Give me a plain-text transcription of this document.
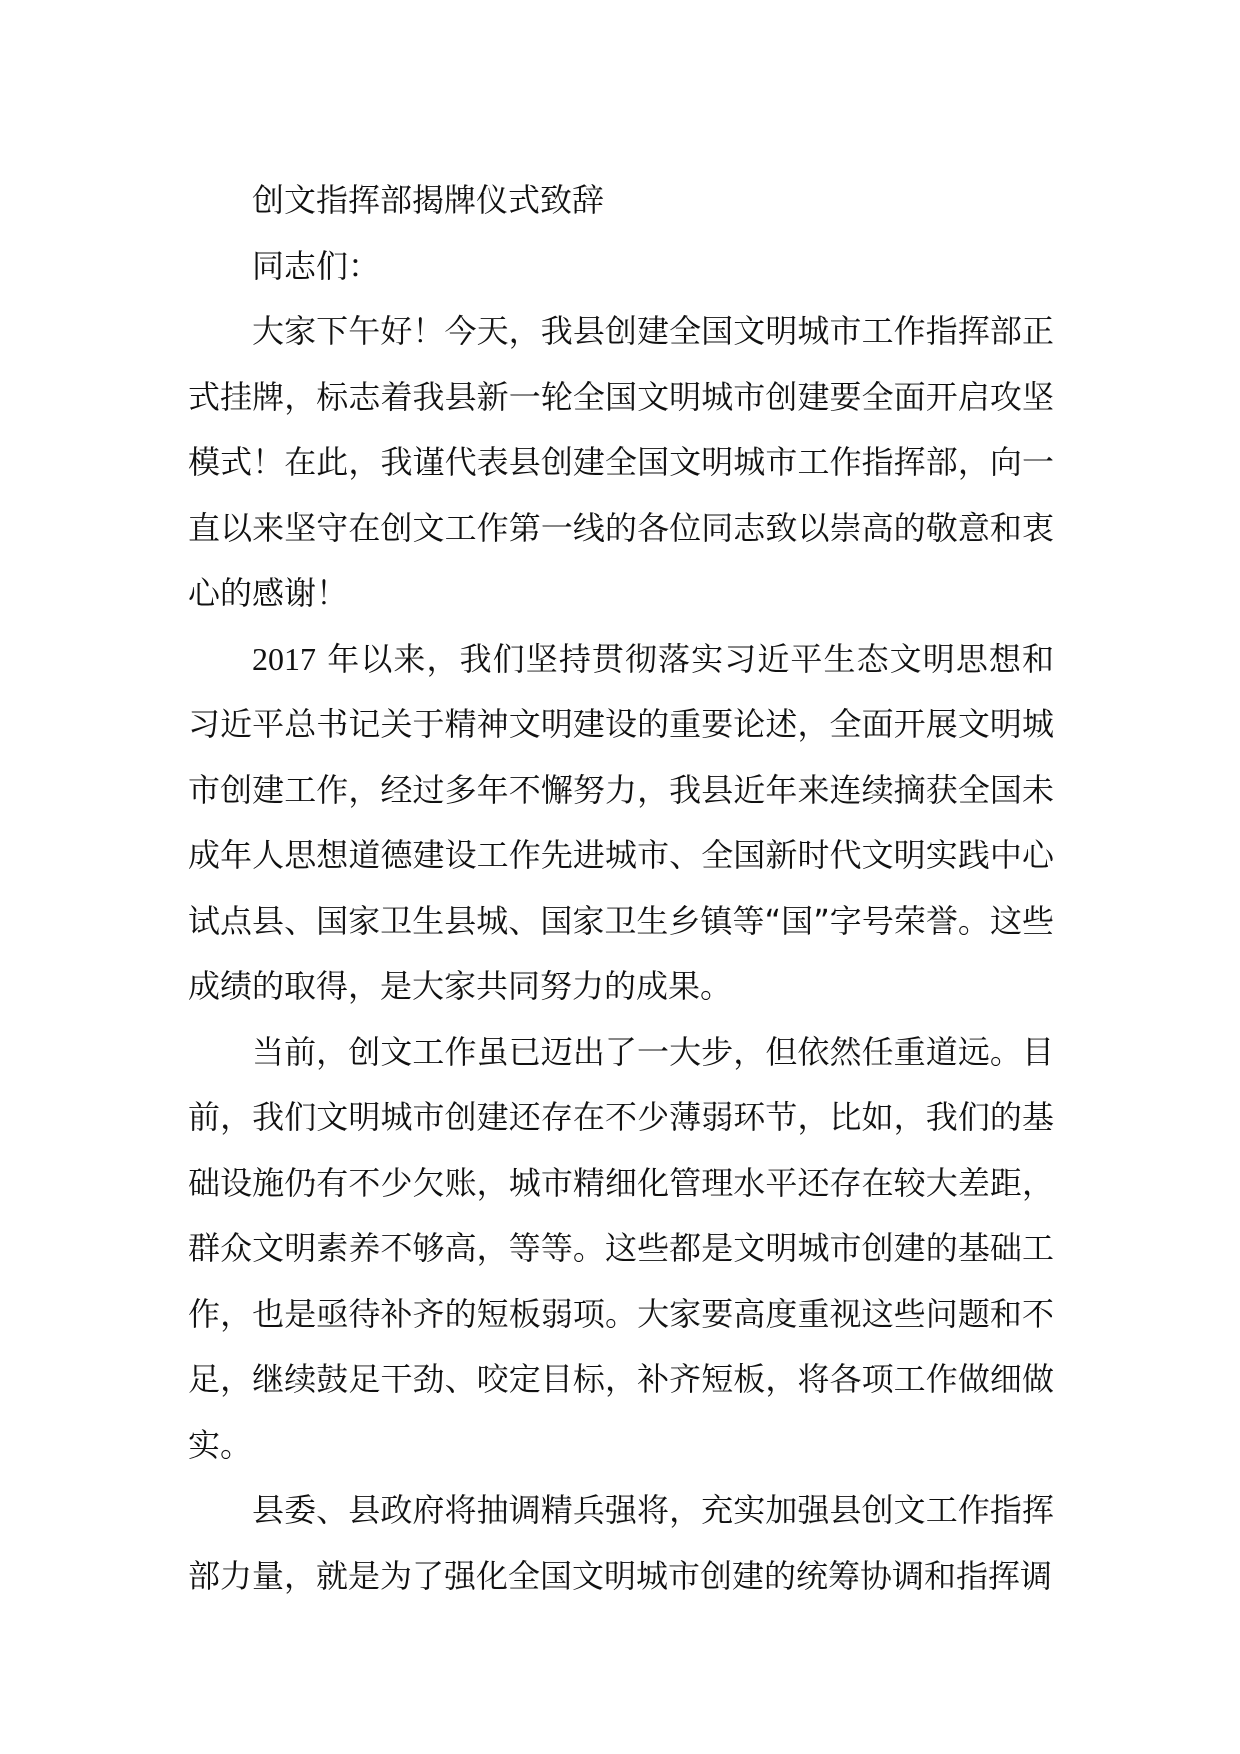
创文指挥部揭牌仪式致辞

同志们：

大家下午好！今天，我县创建全国文明城市工作指挥部正式挂牌，标志着我县新一轮全国文明城市创建要全面开启攻坚模式！在此，我谨代表县创建全国文明城市工作指挥部，向一直以来坚守在创文工作第一线的各位同志致以崇高的敬意和衷心的感谢！

2017 年以来，我们坚持贯彻落实习近平生态文明思想和习近平总书记关于精神文明建设的重要论述，全面开展文明城市创建工作，经过多年不懈努力，我县近年来连续摘获全国未成年人思想道德建设工作先进城市、全国新时代文明实践中心试点县、国家卫生县城、国家卫生乡镇等“国”字号荣誉。这些成绩的取得，是大家共同努力的成果。

当前，创文工作虽已迈出了一大步，但依然任重道远。目前，我们文明城市创建还存在不少薄弱环节，比如，我们的基础设施仍有不少欠账，城市精细化管理水平还存在较大差距，群众文明素养不够高，等等。这些都是文明城市创建的基础工作，也是亟待补齐的短板弱项。大家要高度重视这些问题和不足，继续鼓足干劲、咬定目标，补齐短板，将各项工作做细做实。

县委、县政府将抽调精兵强将，充实加强县创文工作指挥部力量，就是为了强化全国文明城市创建的统筹协调和指挥调
